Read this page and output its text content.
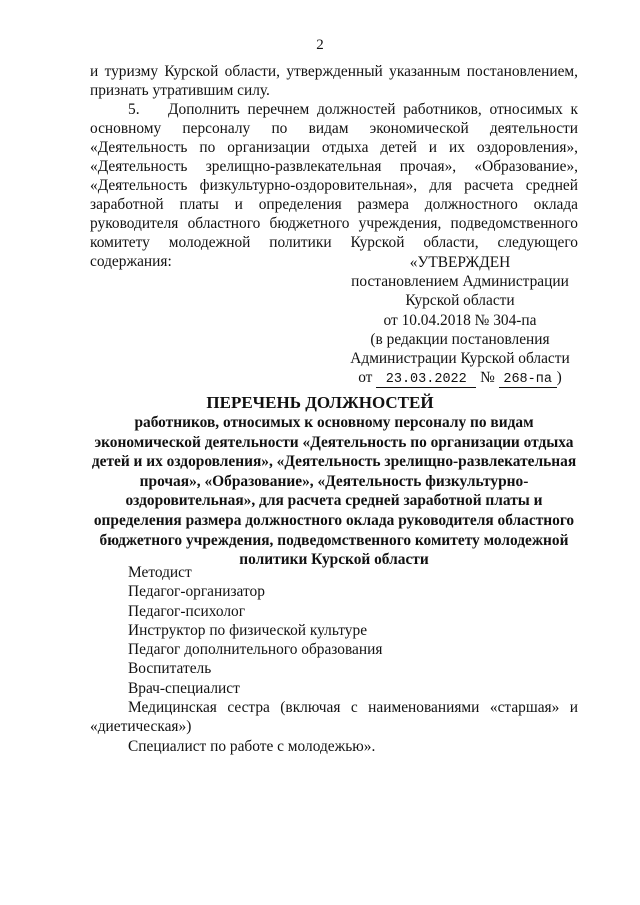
2
и туризму Курской области, утвержденный указанным постановлением, признать утратившим силу.
5. Дополнить перечнем должностей работников, относимых к основному персоналу по видам экономической деятельности «Деятельность по организации отдыха детей и их оздоровления», «Деятельность зрелищно-развлекательная прочая», «Образование», «Деятельность физкультурно-оздоровительная», для расчета средней заработной платы и определения размера должностного оклада руководителя областного бюджетного учреждения, подведомственного комитету молодежной политики Курской области, следующего содержания:	«УТВЕРЖДЕН
постановлением Администрации
Курской области
от 10.04.2018 № 304-па
(в редакции постановления
Администрации Курской области
от 23.03.2022 № 268-па )
ПЕРЕЧЕНЬ ДОЛЖНОСТЕЙ
работников, относимых к основному персоналу по видам экономической деятельности «Деятельность по организации отдыха детей и их оздоровления», «Деятельность зрелищно-развлекательная прочая», «Образование», «Деятельность физкультурно-оздоровительная», для расчета средней заработной платы и определения размера должностного оклада руководителя областного бюджетного учреждения, подведомственного комитету молодежной политики Курской области
Методист
Педагог-организатор
Педагог-психолог
Инструктор по физической культуре
Педагог дополнительного образования
Воспитатель
Врач-специалист
Медицинская сестра (включая с наименованиями «старшая» и «диетическая»)
Специалист по работе с молодежью».
